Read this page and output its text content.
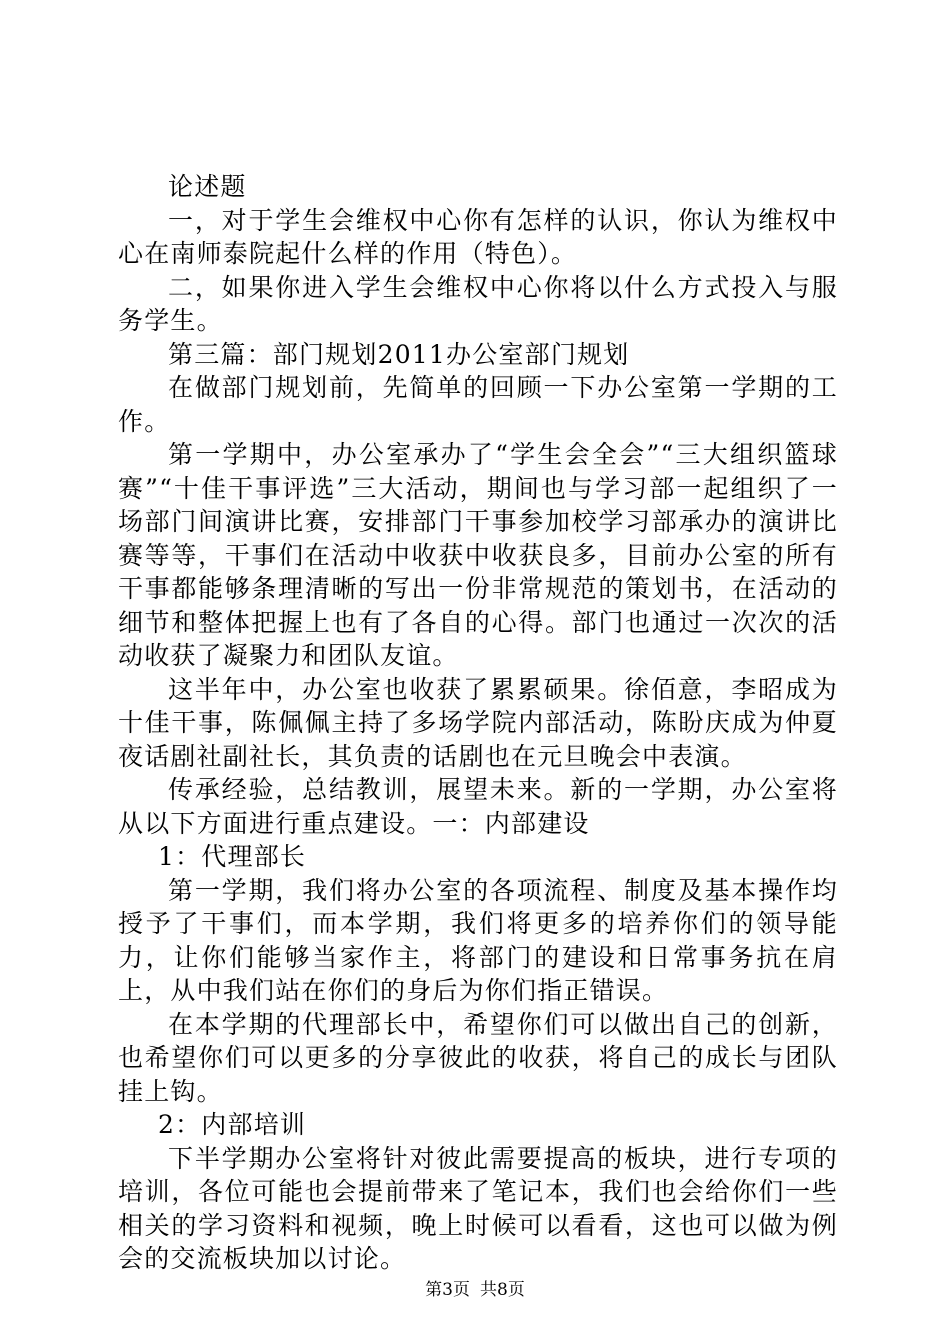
论述题

一，对于学生会维权中心你有怎样的认识，你认为维权中心在南师泰院起什么样的作用（特色）。

二，如果你进入学生会维权中心你将以什么方式投入与服务学生。

第三篇：部门规划2011办公室部门规划

在做部门规划前，先简单的回顾一下办公室第一学期的工作。

第一学期中，办公室承办了“学生会全会”“三大组织篮球赛”“十佳干事评选”三大活动，期间也与学习部一起组织了一场部门间演讲比赛，安排部门干事参加校学习部承办的演讲比赛等等，干事们在活动中收获中收获良多，目前办公室的所有干事都能够条理清晰的写出一份非常规范的策划书，在活动的细节和整体把握上也有了各自的心得。部门也通过一次次的活动收获了凝聚力和团队友谊。

这半年中，办公室也收获了累累硕果。徐佰意，李昭成为十佳干事，陈佩佩主持了多场学院内部活动，陈盼庆成为仲夏夜话剧社副社长，其负责的话剧也在元旦晚会中表演。

传承经验，总结教训，展望未来。新的一学期，办公室将从以下方面进行重点建设。一：内部建设

1：代理部长

第一学期，我们将办公室的各项流程、制度及基本操作均授予了干事们，而本学期，我们将更多的培养你们的领导能力，让你们能够当家作主，将部门的建设和日常事务抗在肩上，从中我们站在你们的身后为你们指正错误。

在本学期的代理部长中，希望你们可以做出自己的创新，也希望你们可以更多的分享彼此的收获，将自己的成长与团队挂上钩。

2：内部培训

下半学期办公室将针对彼此需要提高的板块，进行专项的培训，各位可能也会提前带来了笔记本，我们也会给你们一些相关的学习资料和视频，晚上时候可以看看，这也可以做为例会的交流板块加以讨论。

第3页 共8页
